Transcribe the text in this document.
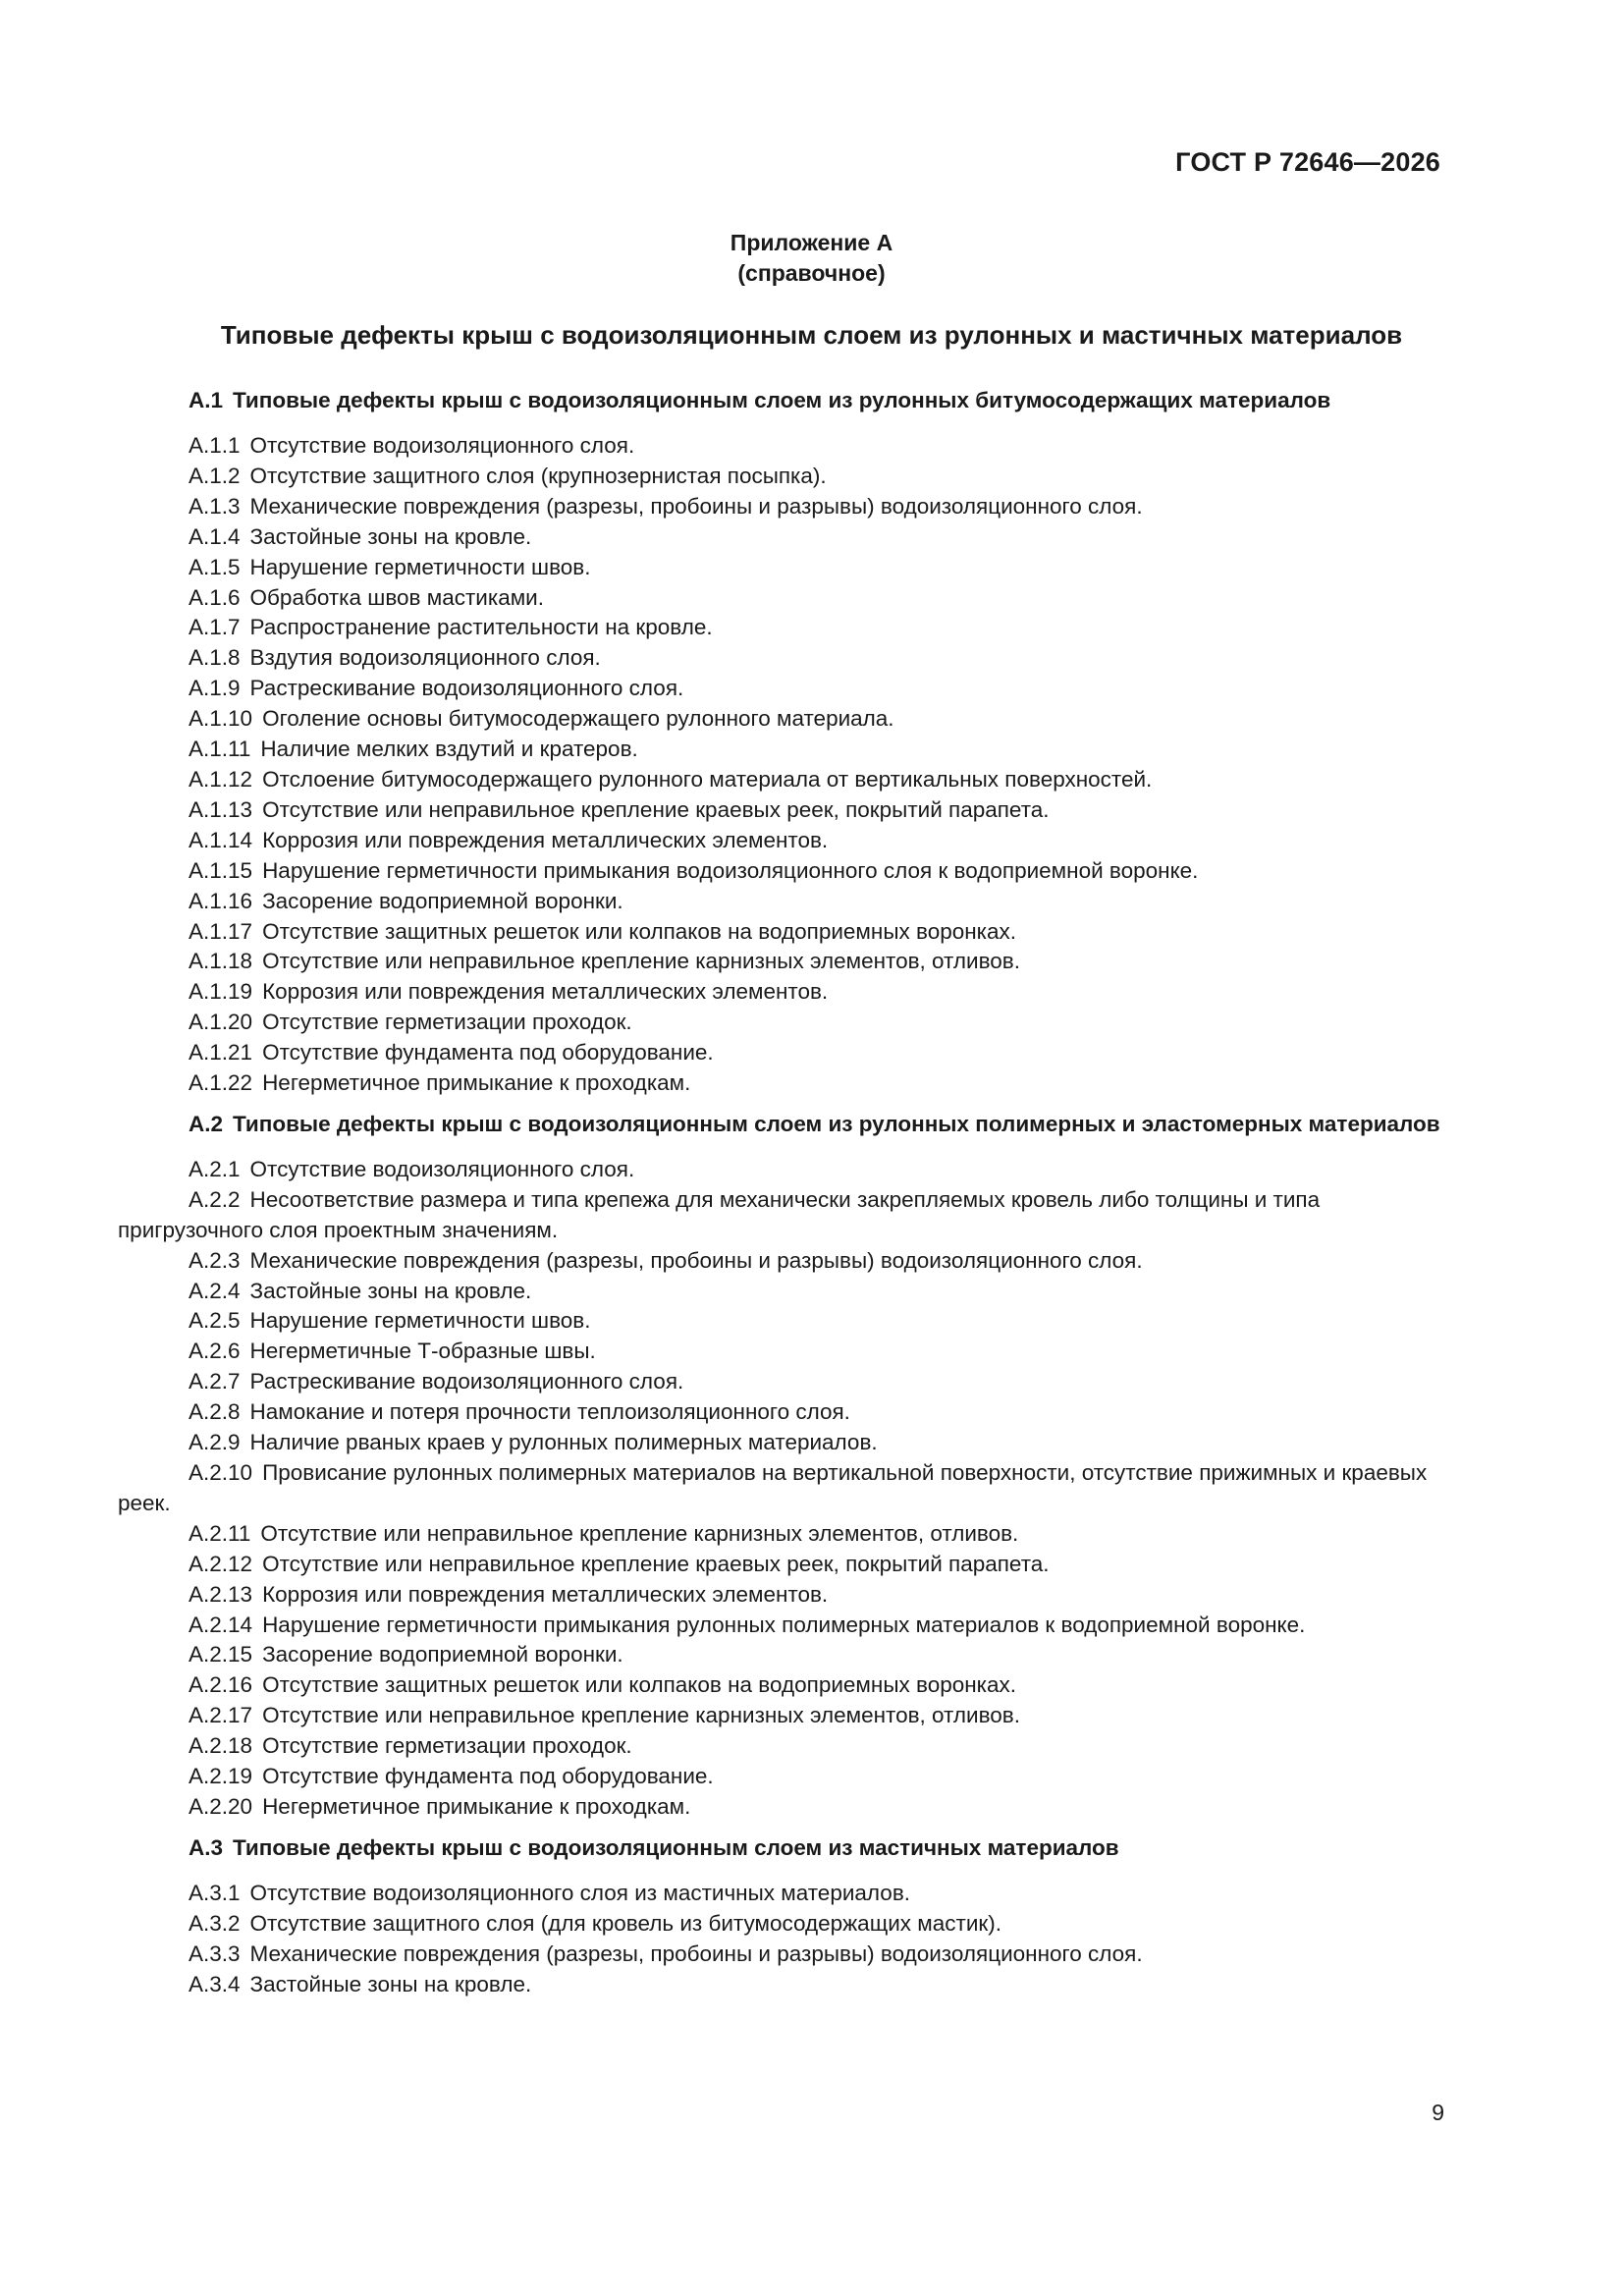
ГОСТ Р 72646—2026
Приложение А
(справочное)
Типовые дефекты крыш с водоизоляционным слоем из рулонных и мастичных материалов
А.1 Типовые дефекты крыш с водоизоляционным слоем из рулонных битумосодержащих материалов

А.1.1 Отсутствие водоизоляционного слоя.

А.1.2 Отсутствие защитного слоя (крупнозернистая посыпка).

А.1.3 Механические повреждения (разрезы, пробоины и разрывы) водоизоляционного слоя.

А.1.4 Застойные зоны на кровле.

А.1.5 Нарушение герметичности швов.

А.1.6 Обработка швов мастиками.

А.1.7 Распространение растительности на кровле.

А.1.8 Вздутия водоизоляционного слоя.

А.1.9 Растрескивание водоизоляционного слоя.

А.1.10 Оголение основы битумосодержащего рулонного материала.

А.1.11 Наличие мелких вздутий и кратеров.

А.1.12 Отслоение битумосодержащего рулонного материала от вертикальных поверхностей.

А.1.13 Отсутствие или неправильное крепление краевых реек, покрытий парапета.

А.1.14 Коррозия или повреждения металлических элементов.

А.1.15 Нарушение герметичности примыкания водоизоляционного слоя к водоприемной воронке.

А.1.16 Засорение водоприемной воронки.

А.1.17 Отсутствие защитных решеток или колпаков на водоприемных воронках.

А.1.18 Отсутствие или неправильное крепление карнизных элементов, отливов.

А.1.19 Коррозия или повреждения металлических элементов.

А.1.20 Отсутствие герметизации проходок.

А.1.21 Отсутствие фундамента под оборудование.

А.1.22 Негерметичное примыкание к проходкам.

А.2 Типовые дефекты крыш с водоизоляционным слоем из рулонных полимерных и эластомерных материалов

А.2.1 Отсутствие водоизоляционного слоя.

А.2.2 Несоответствие размера и типа крепежа для механически закрепляемых кровель либо толщины и типа пригрузочного слоя проектным значениям.

А.2.3 Механические повреждения (разрезы, пробоины и разрывы) водоизоляционного слоя.

А.2.4 Застойные зоны на кровле.

А.2.5 Нарушение герметичности швов.

А.2.6 Негерметичные Т-образные швы.

А.2.7 Растрескивание водоизоляционного слоя.

А.2.8 Намокание и потеря прочности теплоизоляционного слоя.

А.2.9 Наличие рваных краев у рулонных полимерных материалов.

А.2.10 Провисание рулонных полимерных материалов на вертикальной поверхности, отсутствие прижимных и краевых реек.

А.2.11 Отсутствие или неправильное крепление карнизных элементов, отливов.

А.2.12 Отсутствие или неправильное крепление краевых реек, покрытий парапета.

А.2.13 Коррозия или повреждения металлических элементов.

А.2.14 Нарушение герметичности примыкания рулонных полимерных материалов к водоприемной воронке.

А.2.15 Засорение водоприемной воронки.

А.2.16 Отсутствие защитных решеток или колпаков на водоприемных воронках.

А.2.17 Отсутствие или неправильное крепление карнизных элементов, отливов.

А.2.18 Отсутствие герметизации проходок.

А.2.19 Отсутствие фундамента под оборудование.

А.2.20 Негерметичное примыкание к проходкам.

А.3 Типовые дефекты крыш с водоизоляционным слоем из мастичных материалов

А.3.1 Отсутствие водоизоляционного слоя из мастичных материалов.

А.3.2 Отсутствие защитного слоя (для кровель из битумосодержащих мастик).

А.3.3 Механические повреждения (разрезы, пробоины и разрывы) водоизоляционного слоя.

А.3.4 Застойные зоны на кровле.

9
